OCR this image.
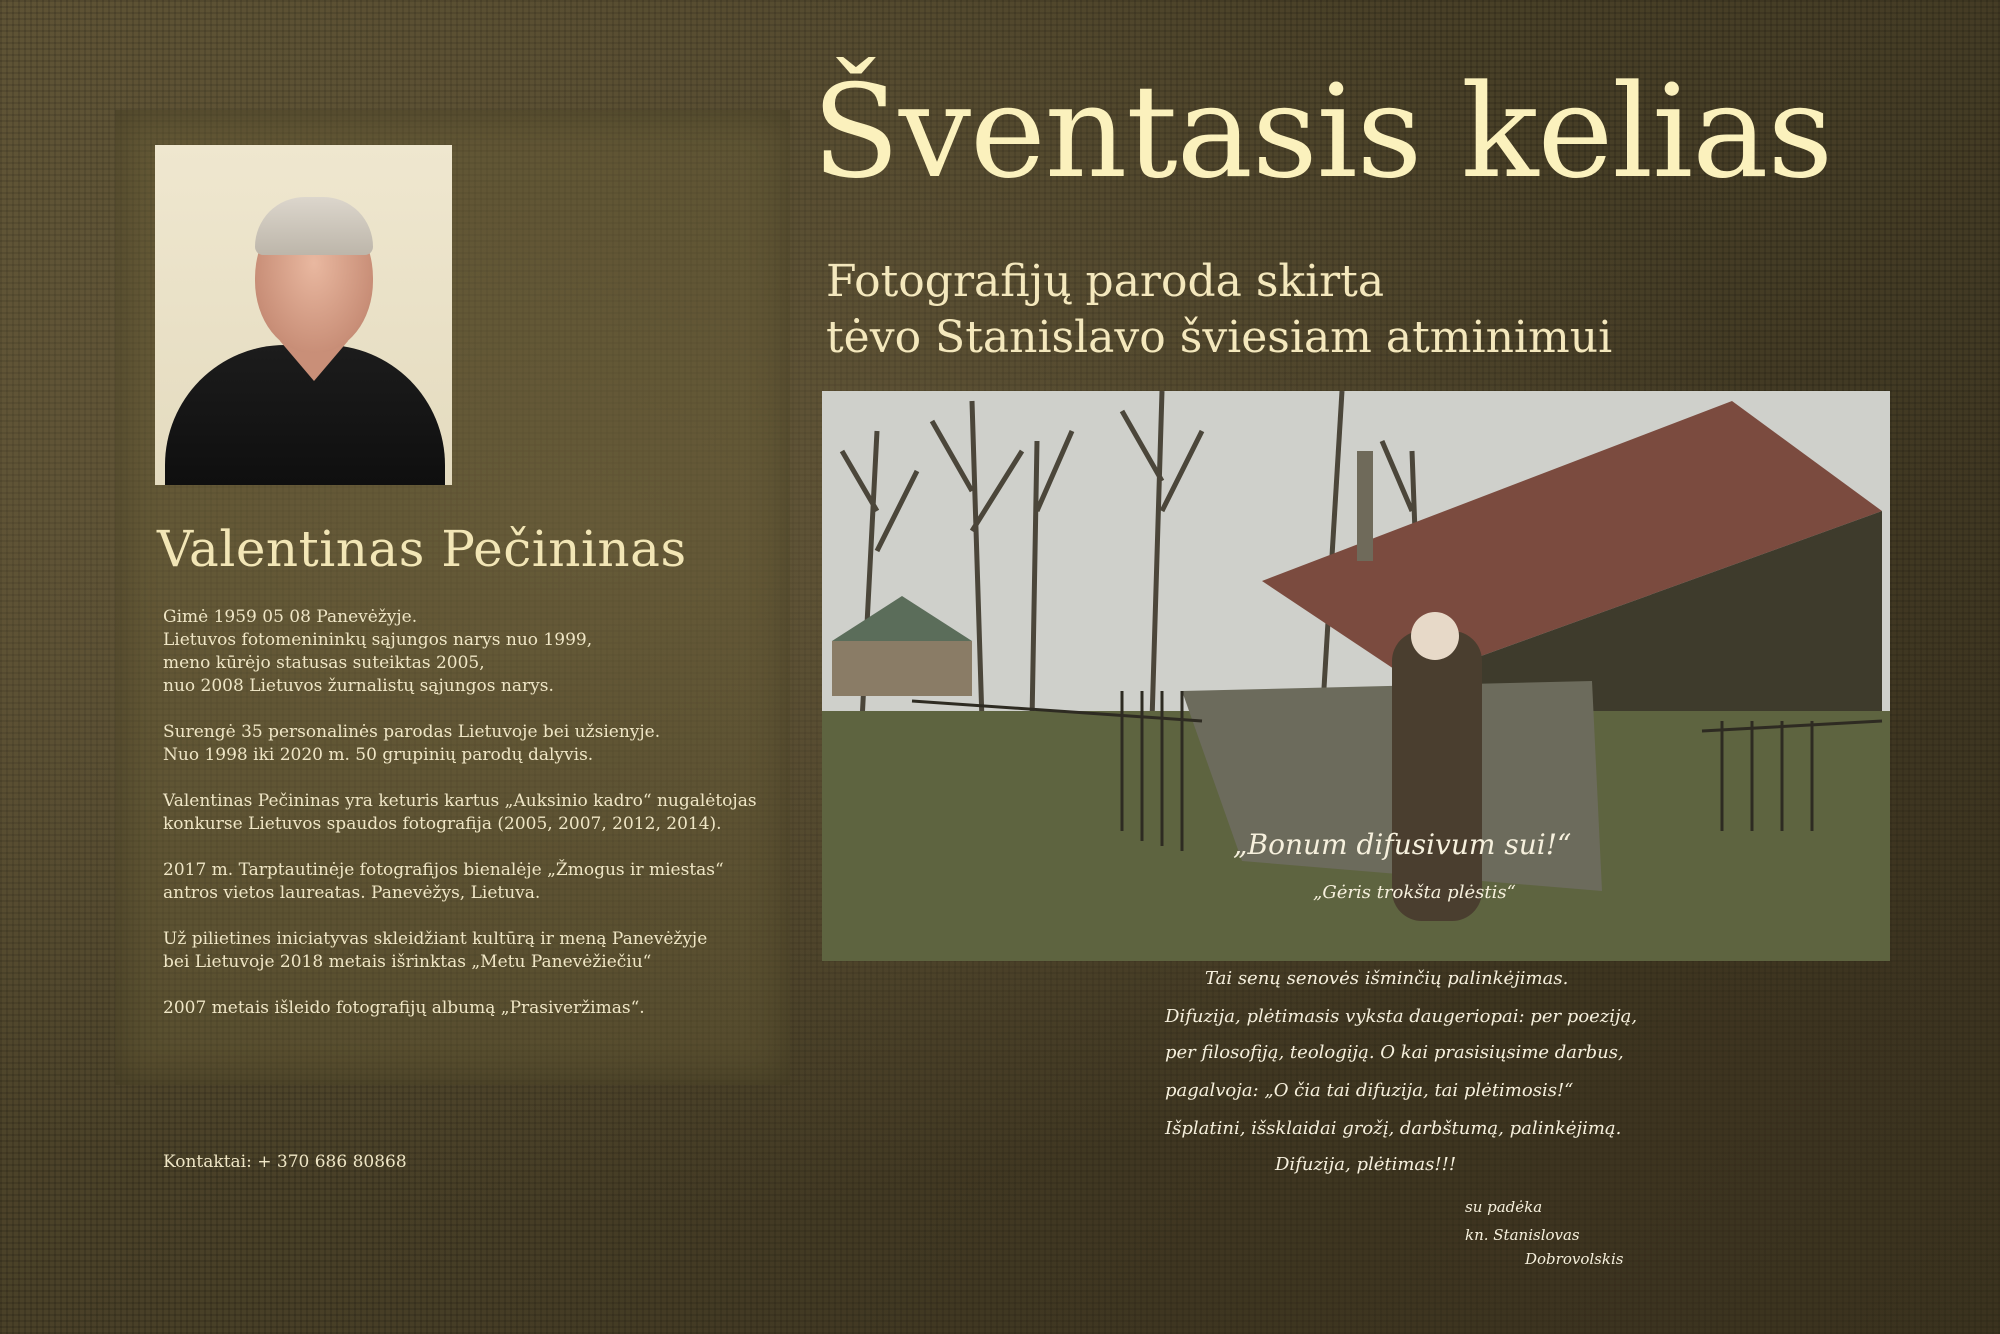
Valentinas Pečininas

Gimė 1959 05 08 Panevėžyje.
Lietuvos fotomenininkų sąjungos narys nuo 1999,
meno kūrėjo statusas suteiktas 2005,
nuo 2008 Lietuvos žurnalistų sąjungos narys.

Surengė 35 personalinės parodas Lietuvoje bei užsienyje.
Nuo 1998 iki 2020 m. 50 grupinių parodų dalyvis.

Valentinas Pečininas yra keturis kartus „Auksinio kadro“ nugalėtojas
konkurse Lietuvos spaudos fotografija (2005, 2007, 2012, 2014).

2017 m. Tarptautinėje fotografijos bienalėje „Žmogus ir miestas“
antros vietos laureatas. Panevėžys, Lietuva.

Už pilietines iniciatyvas skleidžiant kultūrą ir meną Panevėžyje
bei Lietuvoje 2018 metais išrinktas „Metu Panevėžiečiu“

2007 metais išleido fotografijų albumą „Prasiveržimas“.

Kontaktai: + 370 686 80868
Šventasis kelias
Fotografijų paroda skirta
tėvo Stanislavo šviesiam atminimui
„Bonum difusivum sui!“
„Gėris trokšta plėstis“
Tai senų senovės išminčių palinkėjimas.
Difuzija, plėtimasis vyksta daugeriopai: per poeziją,
per filosofiją, teologiją. O kai prasisiųsime darbus,
pagalvoja: „O čia tai difuzija, tai plėtimosis!“
Išplatini, išsklaidai grožį, darbštumą, palinkėjimą.
Difuzija, plėtimas!!!
su padėka
kn. Stanislovas
Dobrovolskis
